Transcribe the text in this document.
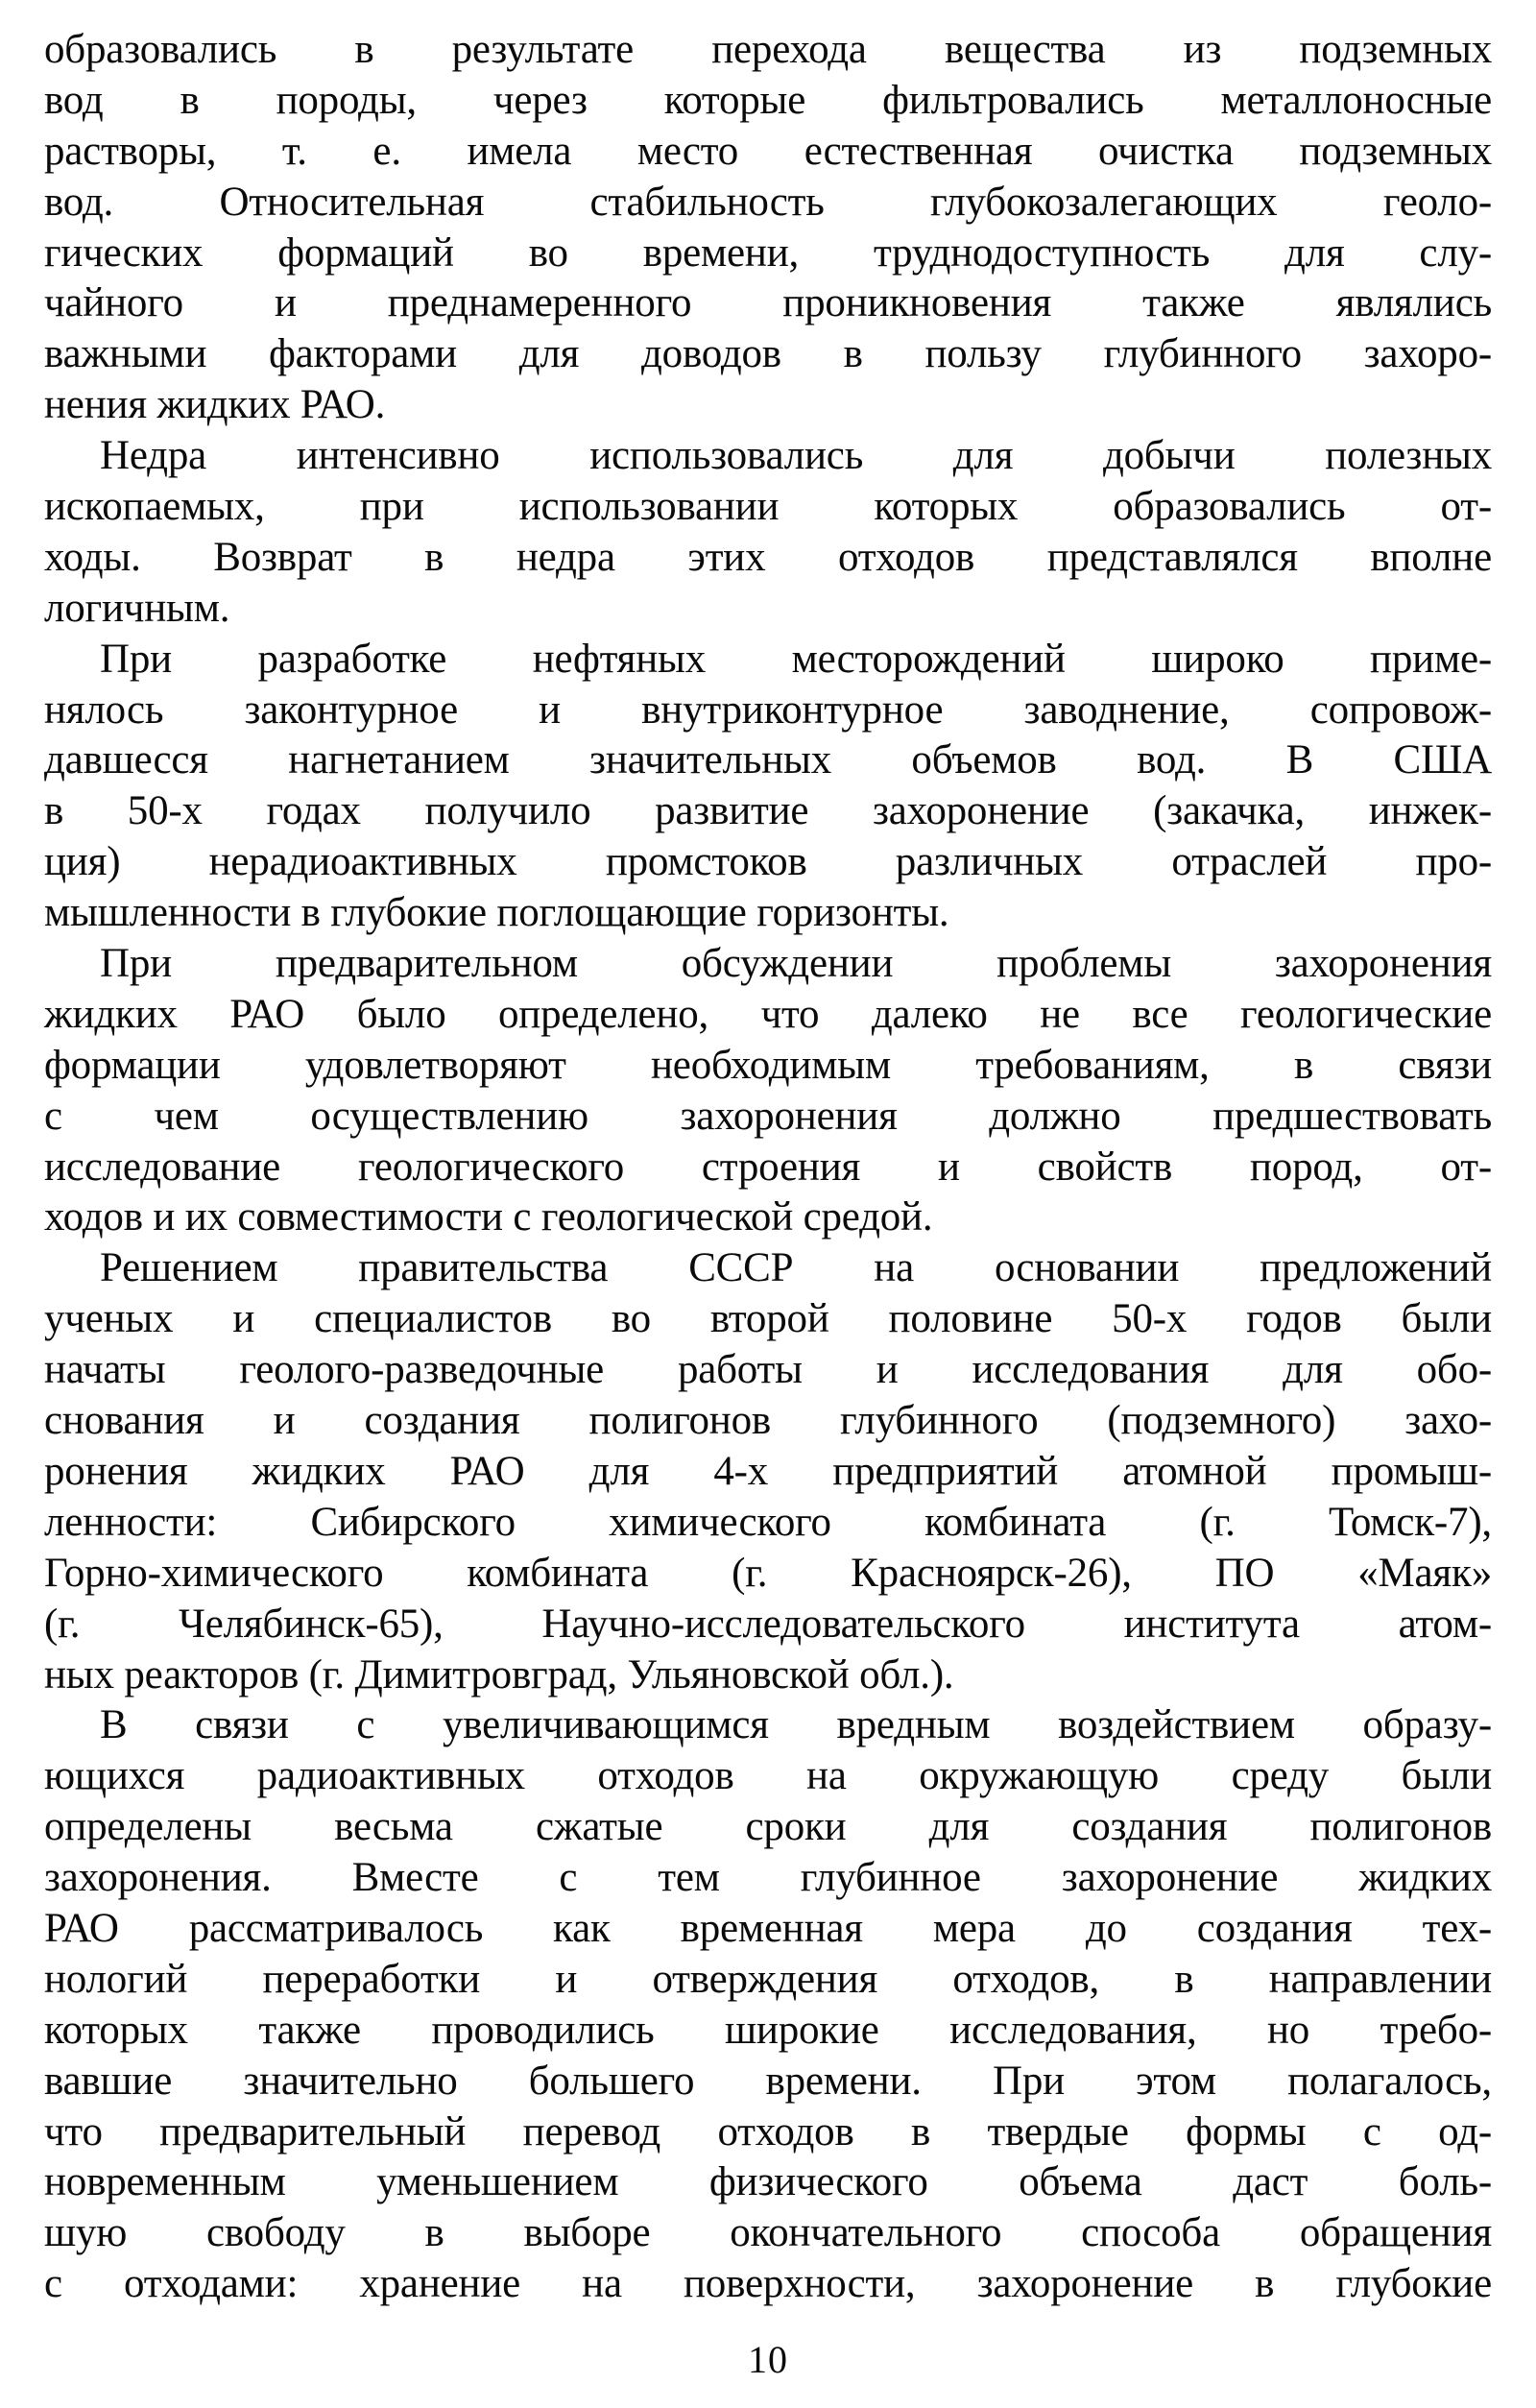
образовались в результате перехода вещества из подземных
вод в породы, через которые фильтровались металлоносные
растворы, т. е. имела место естественная очистка подземных
вод. Относительная стабильность глубокозалегающих геоло-
гических формаций во времени, труднодоступность для слу-
чайного и преднамеренного проникновения также являлись
важными факторами для доводов в пользу глубинного захоро-
нения жидких РАО.
Недра интенсивно использовались для добычи полезных
ископаемых, при использовании которых образовались от-
ходы. Возврат в недра этих отходов представлялся вполне
логичным.
При разработке нефтяных месторождений широко приме-
нялось законтурное и внутриконтурное заводнение, сопровож-
давшесся нагнетанием значительных объемов вод. В США
в 50-х годах получило развитие захоронение (закачка, инжек-
ция) нерадиоактивных промстоков различных отраслей про-
мышленности в глубокие поглощающие горизонты.
При предварительном обсуждении проблемы захоронения
жидких РАО было определено, что далеко не все геологические
формации удовлетворяют необходимым требованиям, в связи
с чем осуществлению захоронения должно предшествовать
исследование геологического строения и свойств пород, от-
ходов и их совместимости с геологической средой.
Решением правительства СССР на основании предложений
ученых и специалистов во второй половине 50-х годов были
начаты геолого-разведочные работы и исследования для обо-
снования и создания полигонов глубинного (подземного) захо-
ронения жидких РАО для 4-х предприятий атомной промыш-
ленности: Сибирского химического комбината (г. Томск-7),
Горно-химического комбината (г. Красноярск-26), ПО «Маяк»
(г. Челябинск-65), Научно-исследовательского института атом-
ных реакторов (г. Димитровград, Ульяновской обл.).
В связи с увеличивающимся вредным воздействием образу-
ющихся радиоактивных отходов на окружающую среду были
определены весьма сжатые сроки для создания полигонов
захоронения. Вместе с тем глубинное захоронение жидких
РАО рассматривалось как временная мера до создания тех-
нологий переработки и отверждения отходов, в направлении
которых также проводились широкие исследования, но требо-
вавшие значительно большего времени. При этом полагалось,
что предварительный перевод отходов в твердые формы с од-
новременным уменьшением физического объема даст боль-
шую свободу в выборе окончательного способа обращения
с отходами: хранение на поверхности, захоронение в глубокие
10
